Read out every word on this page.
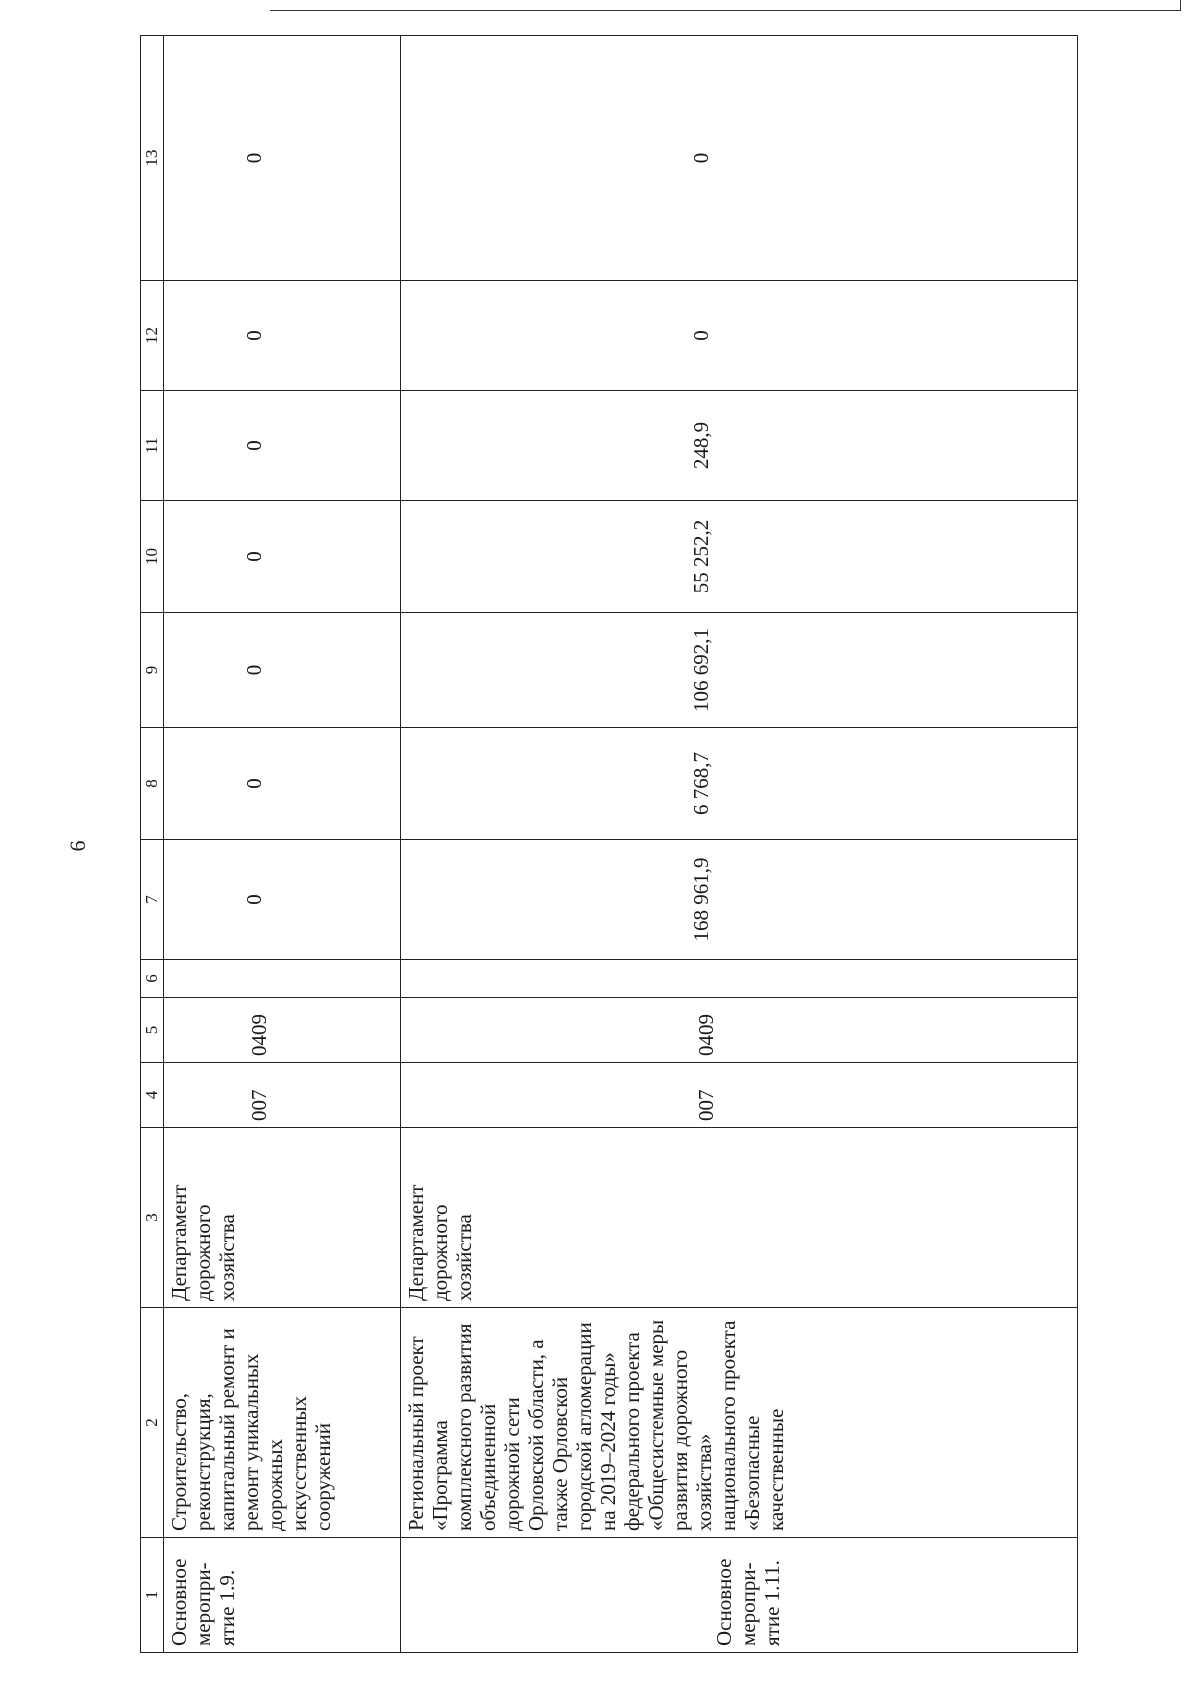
6
1	2	3	4	5	6	7	8	9	10	11	12	13
Основное меропри-ятие 1.9.	Строительство, реконструкция, капитальный ремонт и ремонт уникальных дорожных искусственных сооружений	Департамент дорожного хозяйства	007	0409		0	0	0	0	0	0	0

Основное меропри-ятие 1.11.	Региональный проект «Программа комплексного развития объединенной дорожной сети Орловской области, а также Орловской городской агломерации на 2019–2024 годы» федерального проекта «Общесистемные меры развития дорожного хозяйства» национального проекта «Безопасные качественные	Департамент дорожного хозяйства	007	0409		168 961,9	6 768,7	106 692,1	55 252,2	248,9	0	0
